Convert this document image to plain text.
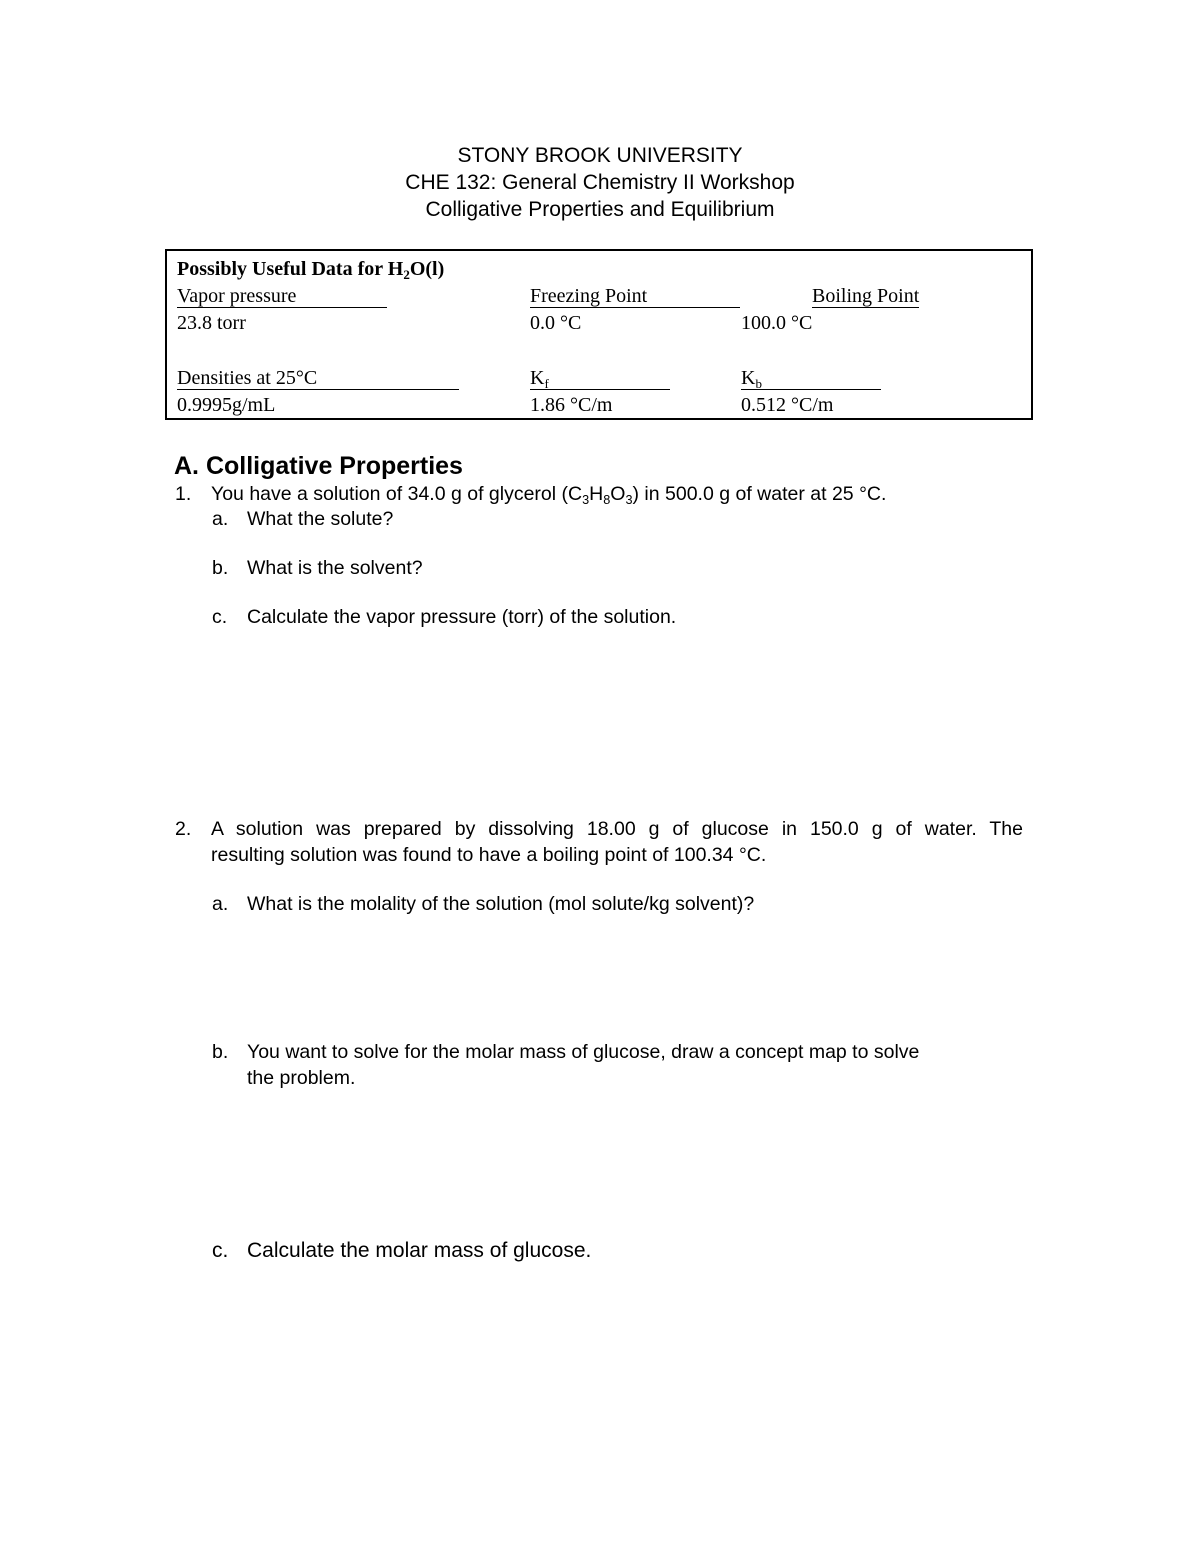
STONY BROOK UNIVERSITY
CHE 132: General Chemistry II Workshop
Colligative Properties and Equilibrium
Possibly Useful Data for $H_2O(l)$
Vapor pressure	Freezing Point	Boiling Point
23.8 torr	0.0 °C	100.0 °C
Densities at 25°C	$K_f$	$K_b$
0.9995g/mL	1.86 °C/m	0.512 °C/m
A. Colligative Properties
1. You have a solution of 34.0 g of glycerol $(C_3H_8O_3)$ in 500.0 g of water at 25 °C.
a. What the solute?
b. What is the solvent?
c. Calculate the vapor pressure (torr) of the solution.
2. A solution was prepared by dissolving 18.00 g of glucose in 150.0 g of water. The
resulting solution was found to have a boiling point of 100.34 °C.
a. What is the molality of the solution (mol solute/kg solvent)?
b. You want to solve for the molar mass of glucose, draw a concept map to solve
the problem.
c. Calculate the molar mass of glucose.
